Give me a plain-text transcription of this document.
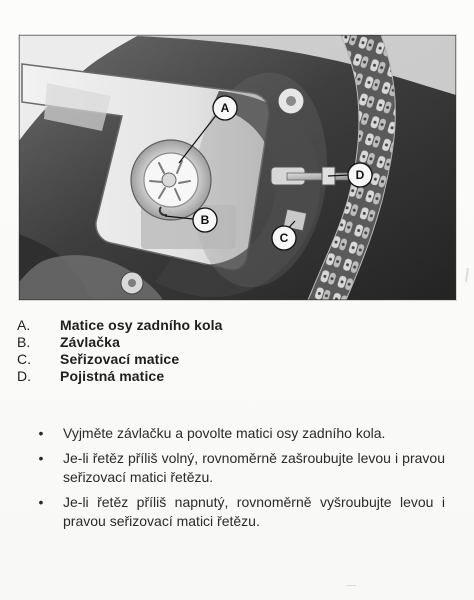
A
B
C
D
A.	Matice osy zadního kola
B.	Závlačka
C.	Seřizovací matice
D.	Pojistná matice
• Vyjměte závlačku a povolte matici osy zadního kola.
• Je-li řetěz příliš volný, rovnoměrně zašroubujte levou i pravou seřizovací matici řetězu.
• Je-li řetěz příliš napnutý, rovnoměrně vyšroubujte levou i pravou seřizovací matici řetězu.
